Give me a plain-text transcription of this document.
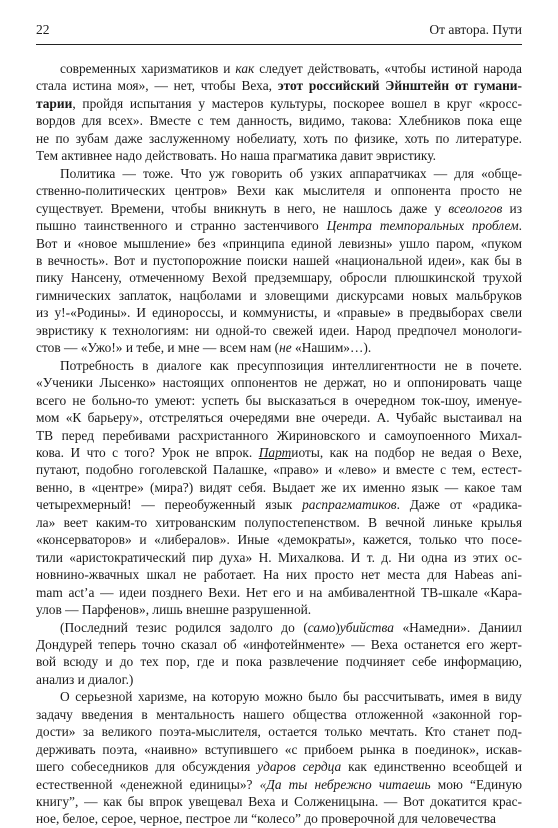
22	От автора. Пути

современных харизматиков и как следует действовать, «чтобы истиной народа
стала истина моя», — нет, чтобы Веха, этот российский Эйнштейн от гумани-
тарии, пройдя испытания у мастеров культуры, поскорее вошел в круг «кросс-
вордов для всех». Вместе с тем данность, видимо, такова: Хлебников пока еще
не по зубам даже заслуженному нобелиату, хоть по физике, хоть по литературе.
Тем активнее надо действовать. Но наша прагматика давит эвристику.

Политика — тоже. Что уж говорить об узких аппаратчиках — для «обще-
ственно-политических центров» Вехи как мыслителя и оппонента просто не
существует. Времени, чтобы вникнуть в него, не нашлось даже у всеологов из
пышно таинственного и странно застенчивого Центра темпоральных проблем.
Вот и «новое мышление» без «принципа единой левизны» ушло паром, «пуком
в вечность». Вот и пустопорожние поиски нашей «национальной идеи», как бы в
пику Нансену, отмеченному Вехой предземшару, обросли плюшкинской трухой
гимнических заплаток, нацболами и зловещими дискурсами новых мальбруков
из у!-«Родины». И единороссы, и коммунисты, и «правые» в предвыборах свели
эвристику к технологиям: ни одной-то свежей идеи. Народ предпочел монологи-
стов — «Ужо!» и тебе, и мне — всем нам (не «Нашим»…).

Потребность в диалоге как пресуппозиция интеллигентности не в почете.
«Ученики Лысенко» настоящих оппонентов не держат, но и оппонировать чаще
всего не больно-то умеют: успеть бы высказаться в очередном ток-шоу, именуе-
мом «К барьеру», отстреляться очередями вне очереди. А. Чубайс выстаивал на
ТВ перед перебивами расхристанного Жириновского и самоупоенного Михал-
кова. И что с того? Урок не впрок. Партиоты, как на подбор не ведая о Вехе,
путают, подобно гоголевской Палашке, «право» и «лево» и вместе с тем, естест-
венно, в «центре» (мира?) видят себя. Выдает же их именно язык — какое там
четырехмерный! — переобуженный язык распрагматиков. Даже от «радика-
ла» веет каким-то хитрованским полупостепенством. В вечной линьке крылья
«консерваторов» и «либералов». Иные «демократы», кажется, только что посе-
тили «аристократический пир духа» Н. Михалкова. И т. д. Ни одна из этих ос-
новнино-жвачных шкал не работает. На них просто нет места для Habeas ani-
mam act’a — идеи позднего Вехи. Нет его и на амбивалентной ТВ-шкале «Кара-
улов — Парфенов», лишь внешне разрушенной.

(Последний тезис родился задолго до (само)убийства «Намедни». Даниил
Дондурей теперь точно сказал об «инфотейнменте» — Веха останется его жерт-
вой всюду и до тех пор, где и пока развлечение подчиняет себе информацию,
анализ и диалог.)

О серьезной харизме, на которую можно было бы рассчитывать, имея в виду
задачу введения в ментальность нашего общества отложенной «законной гор-
дости» за великого поэта-мыслителя, остается только мечтать. Кто станет под-
держивать поэта, «наивно» вступившего «с прибоем рынка в поединок», искав-
шего собеседников для обсуждения ударов сердца как единственно всеобщей и
естественной «денежной единицы»? «Да ты небрежно читаешь мою “Единую
книгу”, — как бы впрок увещевал Веха и Солженицына. — Вот докатится крас-
ное, белое, серое, черное, пестрое ли “колесо” до проверочной для человечества
